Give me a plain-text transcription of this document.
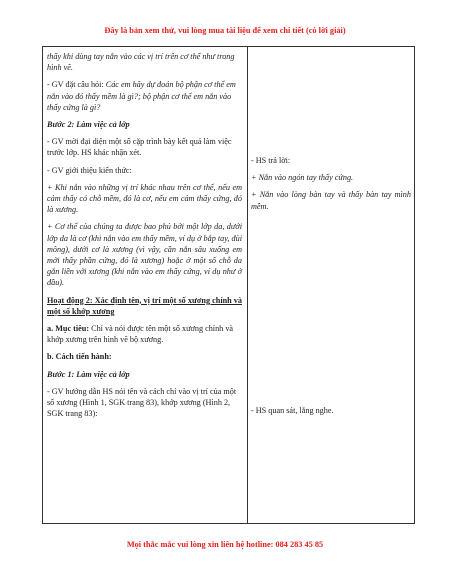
Đây là bản xem thử, vui lòng mua tài liệu để xem chi tiết (có lời giải)

thấy khi dùng tay nắn vào các vị trí trên cơ thể như trong hình vẽ.

- GV đặt câu hỏi: Các em hãy dự đoán bộ phận cơ thể em nắn vào đó thấy mềm là gì?; bộ phận cơ thể em nắn vào thấy cứng là gì?

Bước 2: Làm việc cả lớp

- GV mời đại diện một số cặp trình bày kết quả làm việc trước lớp. HS khác nhận xét.

- GV giới thiệu kiến thức:

+ Khi nắn vào những vị trí khác nhau trên cơ thể, nếu em cảm thấy có chỗ mềm, đó là cơ, nếu em cảm thấy cứng, đó là xương.

+ Cơ thể của chúng ta được bao phủ bởi một lớp da, dưới lớp da là cơ (khi nắn vào em thấy mềm, ví dụ ở bắp tay, đùi mông), dưới cơ là xương (vì vậy, cần nắn sâu xuống em mới thấy phần cứng, đó là xương) hoặc ở một số chỗ da gắn liền với xương (khi nắn vào em thấy cứng, ví dụ như ở đầu).

Hoạt động 2: Xác định tên, vị trí một số xương chính và một số khớp xương

a. Mục tiêu: Chỉ và nói được tên một số xương chính và khớp xương trên hình vẽ bộ xương.

b. Cách tiến hành:

Bước 1: Làm việc cả lớp

- GV hướng dẫn HS nói tên và cách chỉ vào vị trí của một số xương (Hình 1, SGK trang 83), khớp xương (Hình 2, SGK trang 83):

- HS trả lời:

+ Nắn vào ngón tay thấy cứng.

+ Nắn vào lòng bàn tay và thấy bàn tay mình mềm.

- HS quan sát, lắng nghe.

Mọi thắc mắc vui lòng xin liên hệ hotline: 084 283 45 85
